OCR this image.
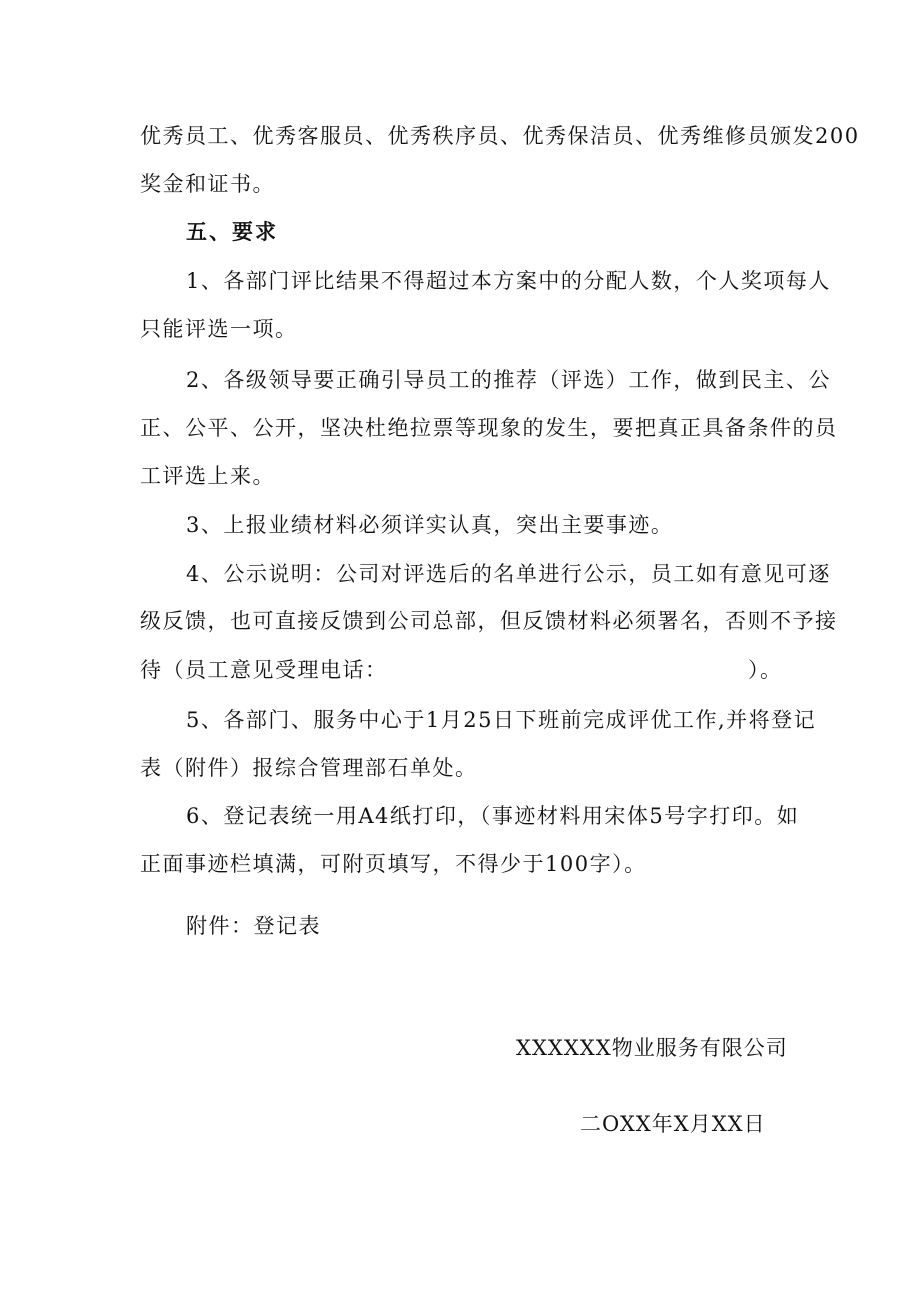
优秀员工、优秀客服员、优秀秩序员、优秀保洁员、优秀维修员颁发200
奖金和证书。
五、要求
1、各部门评比结果不得超过本方案中的分配人数，个人奖项每人
只能评选一项。
2、各级领导要正确引导员工的推荐（评选）工作，做到民主、公
正、公平、公开，坚决杜绝拉票等现象的发生，要把真正具备条件的员
工评选上来。
3、上报业绩材料必须详实认真，突出主要事迹。
4、公示说明：公司对评选后的名单进行公示，员工如有意见可逐
级反馈，也可直接反馈到公司总部，但反馈材料必须署名，否则不予接
待（员工意见受理电话：	）。
5、各部门、服务中心于1月25日下班前完成评优工作,并将登记
表（附件）报综合管理部石单处。
6、登记表统一用A4纸打印，（事迹材料用宋体5号字打印。如
正面事迹栏填满，可附页填写，不得少于100字）。
附件：登记表
XXXXXX物业服务有限公司
二OXX年X月XX日
